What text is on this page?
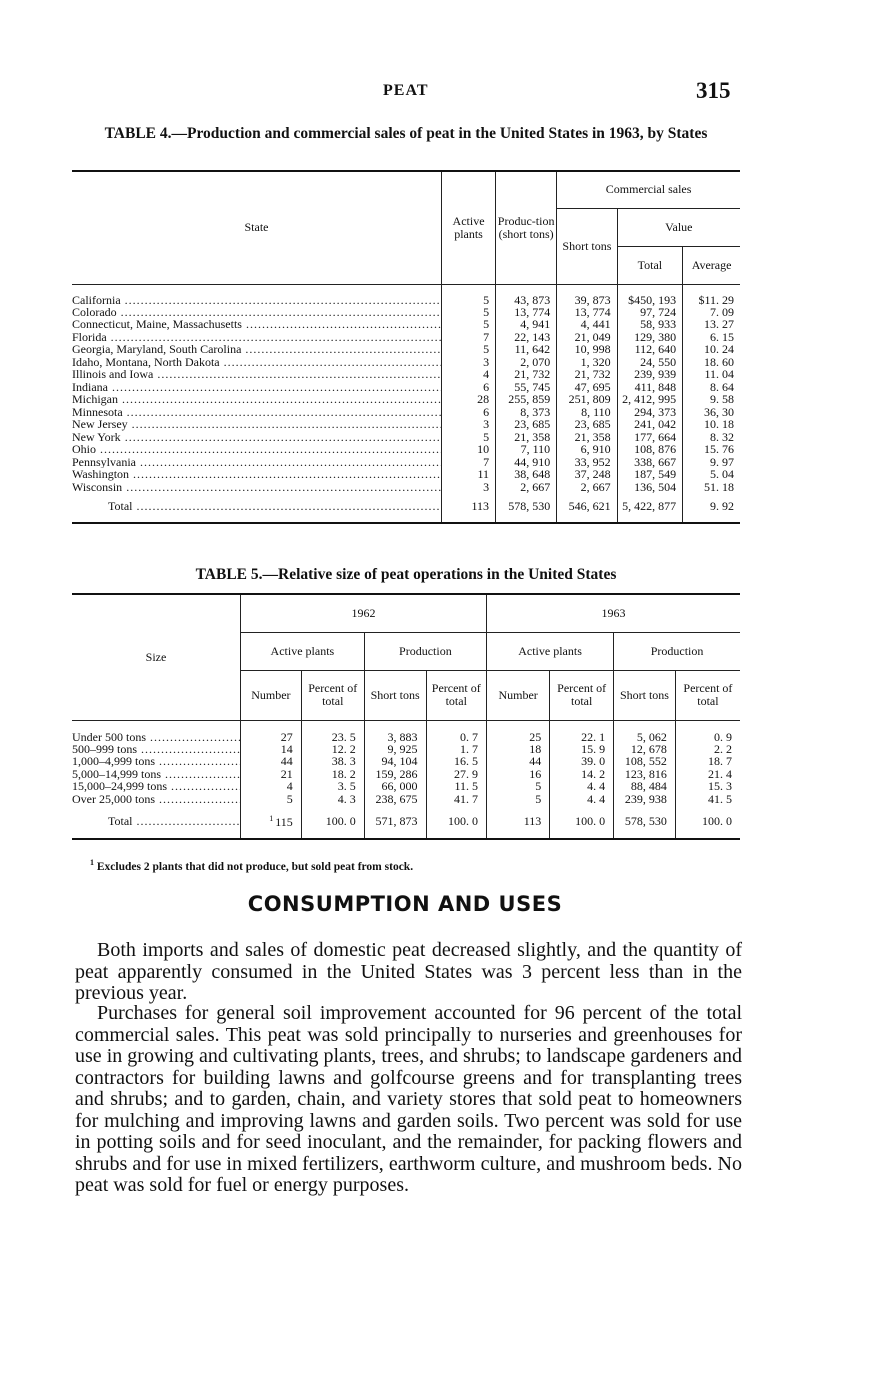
PEAT	315
TABLE 4.—Production and commercial sales of peat in the United States in 1963, by States
State	Active plants	Produc-tion (short tons)	Commercial sales		
			Short tons	Value	
				Total	Average
California .....	5	43, 873	39, 873	$450, 193	$11. 29
Colorado .....	5	13, 774	13, 774	97, 724	7. 09
Connecticut, Maine, Massachusetts .....	5	4, 941	4, 441	58, 933	13. 27
Florida .....	7	22, 143	21, 049	129, 380	6. 15
Georgia, Maryland, South Carolina .....	5	11, 642	10, 998	112, 640	10. 24
Idaho, Montana, North Dakota .....	3	2, 070	1, 320	24, 550	18. 60
Illinois and Iowa .....	4	21, 732	21, 732	239, 939	11. 04
Indiana .....	6	55, 745	47, 695	411, 848	8. 64
Michigan .....	28	255, 859	251, 809	2, 412, 995	9. 58
Minnesota .....	6	8, 373	8, 110	294, 373	36, 30
New Jersey .....	3	23, 685	23, 685	241, 042	10. 18
New York .....	5	21, 358	21, 358	177, 664	8. 32
Ohio .....	10	7, 110	6, 910	108, 876	15. 76
Pennsylvania .....	7	44, 910	33, 952	338, 667	9. 97
Washington .....	11	38, 648	37, 248	187, 549	5. 04
Wisconsin .....	3	2, 667	2, 667	136, 504	51. 18
Total .....	113	578, 530	546, 621	5, 422, 877	9. 92
TABLE 5.—Relative size of peat operations in the United States
Size	1962				1963			
	Active plants		Production		Active plants		Production	
	Number	Percent of total	Short tons	Percent of total	Number	Percent of total	Short tons	Percent of total
Under 500 tons .....	27	23. 5	3, 883	0. 7	25	22. 1	5, 062	0. 9
500–999 tons .....	14	12. 2	9, 925	1. 7	18	15. 9	12, 678	2. 2
1,000–4,999 tons .....	44	38. 3	94, 104	16. 5	44	39. 0	108, 552	18. 7
5,000–14,999 tons .....	21	18. 2	159, 286	27. 9	16	14. 2	123, 816	21. 4
15,000–24,999 tons .....	4	3. 5	66, 000	11. 5	5	4. 4	88, 484	15. 3
Over 25,000 tons .....	5	4. 3	238, 675	41. 7	5	4. 4	239, 938	41. 5
Total .....	$^1$ 115	100. 0	571, 873	100. 0	113	100. 0	578, 530	100. 0
$^1$ Excludes 2 plants that did not produce, but sold peat from stock.
CONSUMPTION AND USES

Both imports and sales of domestic peat decreased slightly, and the quantity of peat apparently consumed in the United States was 3 percent less than in the previous year.

Purchases for general soil improvement accounted for 96 percent of the total commercial sales. This peat was sold principally to nurseries and greenhouses for use in growing and cultivating plants, trees, and shrubs; to landscape gardeners and contractors for building lawns and golfcourse greens and for transplanting trees and shrubs; and to garden, chain, and variety stores that sold peat to homeowners for mulching and improving lawns and garden soils. Two percent was sold for use in potting soils and for seed inoculant, and the remainder, for packing flowers and shrubs and for use in mixed fertilizers, earthworm culture, and mushroom beds. No peat was sold for fuel or energy purposes.
